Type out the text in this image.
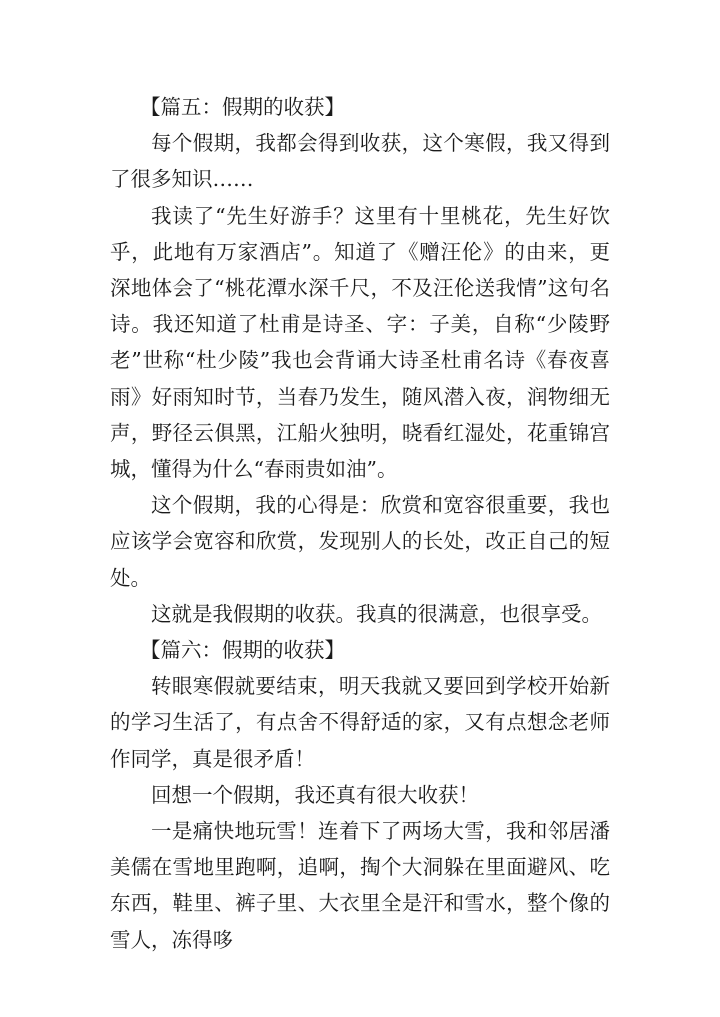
【篇五：假期的收获】

每个假期，我都会得到收获，这个寒假，我又得到了很多知识……

我读了“先生好游手？这里有十里桃花，先生好饮乎，此地有万家酒店”。知道了《赠汪伦》的由来，更深地体会了“桃花潭水深千尺，不及汪伦送我情”这句名诗。我还知道了杜甫是诗圣、字：子美，自称“少陵野老”世称“杜少陵”我也会背诵大诗圣杜甫名诗《春夜喜雨》好雨知时节，当春乃发生，随风潜入夜，润物细无声，野径云俱黑，江船火独明，晓看红湿处，花重锦宫城，懂得为什么“春雨贵如油”。

这个假期，我的心得是：欣赏和宽容很重要，我也应该学会宽容和欣赏，发现别人的长处，改正自己的短处。

这就是我假期的收获。我真的很满意，也很享受。

【篇六：假期的收获】

转眼寒假就要结束，明天我就又要回到学校开始新的学习生活了，有点舍不得舒适的家，又有点想念老师作同学，真是很矛盾！

回想一个假期，我还真有很大收获！

一是痛快地玩雪！连着下了两场大雪，我和邻居潘美儒在雪地里跑啊，追啊，掏个大洞躲在里面避风、吃东西，鞋里、裤子里、大衣里全是汗和雪水，整个像的雪人，冻得哆
